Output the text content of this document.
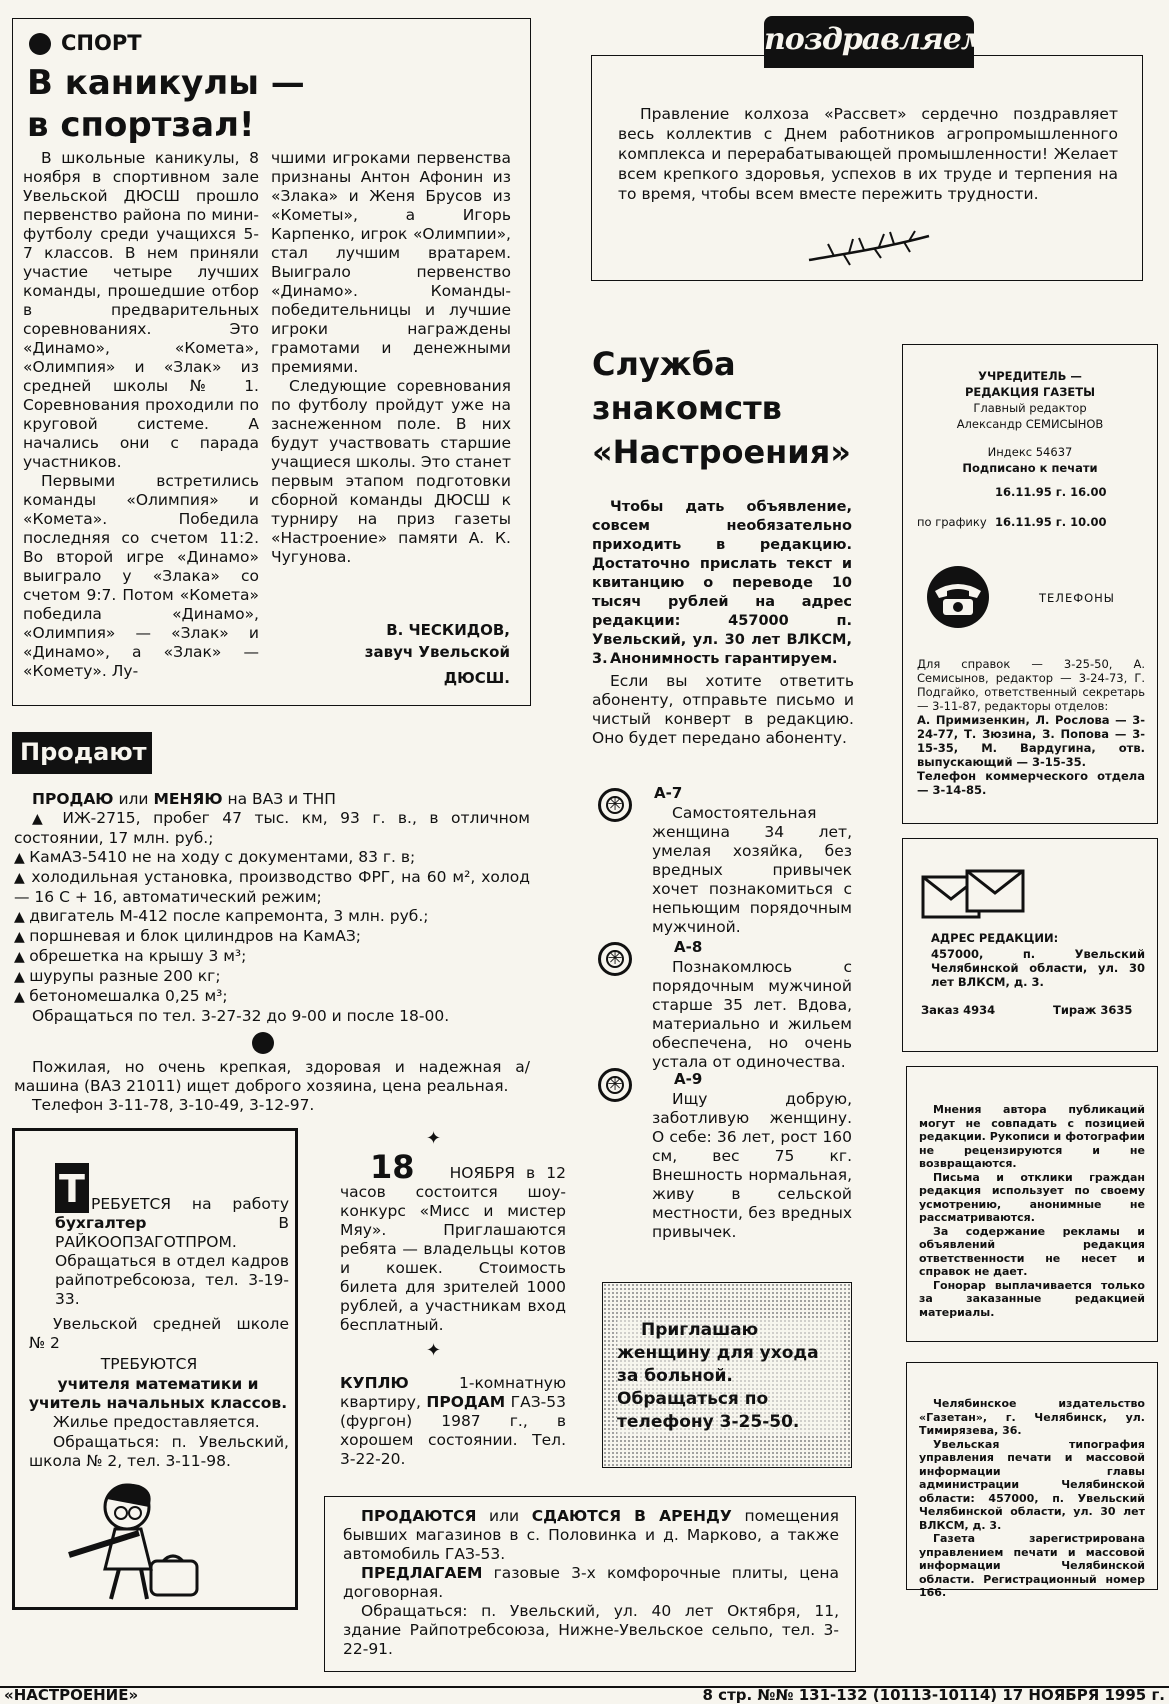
СПОРТ
В каникулы —
в спортзал!

В школьные каникулы, 8 ноября в спортивном зале Увельской ДЮСШ прошло первенство района по мини-футболу среди учащихся 5-7 классов. В нем приняли участие четыре лучших команды, прошедшие отбор в предварительных соревнованиях. Это «Динамо», «Комета», «Олимпия» и «Злак» из средней школы № 1. Соревнования проходили по круговой системе. А начались они с парада участников.

Первыми встретились команды «Олимпия» и «Комета». Победила последняя со счетом 11:2. Во второй игре «Динамо» выиграло у «Злака» со счетом 9:7. Потом «Комета» победила «Динамо», «Олимпия» — «Злак» и «Динамо», а «Злак» — «Комету». Лу-

чшими игроками первенства признаны Антон Афонин из «Злака» и Женя Брусов из «Кометы», а Игорь Карпенко, игрок «Олимпии», стал лучшим вратарем. Выиграло первенство «Динамо». Команды-победительницы и лучшие игроки награждены грамотами и денежными премиями.

Следующие соревнования по футболу пройдут уже на заснеженном поле. В них будут участвовать старшие учащиеся школы. Это станет первым этапом подготовки сборной команды ДЮСШ к турниру на приз газеты «Настроение» памяти А. К. Чугунова.

В. ЧЕСКИДОВ,
завуч Увельской
ДЮСШ.
поздравляем
Правление колхоза «Рассвет» сердечно поздравляет весь коллектив с Днем работников агропромышленного комплекса и перерабатывающей промышленности! Желает всем крепкого здоровья, успехов в их труде и терпения на то время, чтобы всем вместе пережить трудности.
Служба
знакомств
«Настроения»
Чтобы дать объявление, совсем необязательно приходить в редакцию. Достаточно прислать текст и квитанцию о переводе 10 тысяч рублей на адрес редакции: 457000 п. Увельский, ул. 30 лет ВЛКСМ, 3. Анонимность гарантируем.
Если вы хотите ответить абоненту, отправьте письмо и чистый конверт в редакцию. Оно будет передано абоненту.
✳
А-7
Самостоятельная женщина 34 лет, умелая хозяйка, без вредных привычек хочет познакомиться с непьющим порядочным мужчиной.
✳
А-8
Познакомлюсь с порядочным мужчиной старше 35 лет. Вдова, материально и жильем обеспечена, но очень устала от одиночества.
✳
А-9
Ищу добрую, заботливую женщину. О себе: 36 лет, рост 160 см, вес 75 кг. Внешность нормальная, живу в сельской местности, без вредных привычек.
Продают

ПРОДАЮ или МЕНЯЮ на ВАЗ и ТНП

▲ ИЖ-2715, пробег 47 тыс. км, 93 г. в., в отличном состоянии, 17 млн. руб.;
▲ КамАЗ-5410 не на ходу с документами, 83 г. в;
▲ холодильная установка, производство ФРГ, на 60 м², холод — 16 С + 16, автоматический режим;
▲ двигатель М-412 после капремонта, 3 млн. руб.;
▲ поршневая и блок цилиндров на КамАЗ;
▲ обрешетка на крышу 3 м³;
▲ шурупы разные 200 кг;
▲ бетономешалка 0,25 м³;

Обращаться по тел. 3-27-32 до 9-00 и после 18-00.

Пожилая, но очень крепкая, здоровая и надежная а/машина (ВАЗ 21011) ищет доброго хозяина, цена реальная.

Телефон 3-11-78, 3-10-49, 3-12-97.

Т РЕБУЕТСЯ на работу бухгалтер В РАЙКООПЗАГОТПРОМ. Обращаться в отдел кадров райпотребсоюза, тел. 3-19-33.
Увельской средней школе № 2
ТРЕБУЮТСЯ
учителя математики и учитель начальных классов.
Жилье предоставляется.
Обращаться: п. Увельский, школа № 2, тел. 3-11-98.
✦
18 НОЯБРЯ в 12 часов состоится шоу-конкурс «Мисс и мистер Мяу». Приглашаются ребята — владельцы котов и кошек. Стоимость билета для зрителей 1000 рублей, а участникам вход бесплатный.
✦
КУПЛЮ 1-комнатную квартиру, ПРОДАМ ГАЗ-53 (фургон) 1987 г., в хорошем состоянии. Тел. 3-22-20.
Приглашаю женщину для ухода за больной. Обращаться по телефону 3-25-50.

ПРОДАЮТСЯ или СДАЮТСЯ В АРЕНДУ помещения бывших магазинов в с. Половинка и д. Марково, а также автомобиль ГАЗ-53.

ПРЕДЛАГАЕМ газовые 3-х комфорочные плиты, цена договорная.

Обращаться: п. Увельский, ул. 40 лет Октября, 11, здание Райпотребсоюза, Нижне-Увельское сельпо, тел. 3-22-91.

УЧРЕДИТЕЛЬ —
РЕДАКЦИЯ ГАЗЕТЫ
Главный редактор
Александр СЕМИСЫНОВ
Индекс 54637
Подписано к печати
16.11.95 г. 16.00
по графику 16.11.95 г. 10.00
ТЕЛЕФОНЫ
Для справок — 3-25-50, А. Семисынов, редактор — 3-24-73, Г. Подгайко, ответственный секретарь — 3-11-87, редакторы отделов:
А. Примизенкин, Л. Рослова — 3-24-77, Т. Зюзина, З. Попова — 3-15-35, М. Вардугина, отв. выпускающий — 3-15-35.
Телефон коммерческого отдела — 3-14-85.
АДРЕС РЕДАКЦИИ:
457000, п. Увельский Челябинской области, ул. 30 лет ВЛКСМ, д. 3.
Заказ 4934	Тираж 3635

Мнения автора публикаций могут не совпадать с позицией редакции. Рукописи и фотографии не рецензируются и не возвращаются.

Письма и отклики граждан редакция использует по своему усмотрению, анонимные не рассматриваются.

За содержание рекламы и объявлений редакция ответственности не несет и справок не дает.

Гонорар выплачивается только за заказанные редакцией материалы.

Челябинское издательство «Газетан», г. Челябинск, ул. Тимирязева, 36.

Увельская типография управления печати и массовой информации главы администрации Челябинской области: 457000, п. Увельский Челябинской области, ул. 30 лет ВЛКСМ, д. 3.

Газета зарегистрирована управлением печати и массовой информации Челябинской области. Регистрационный номер 166.

«НАСТРОЕНИЕ»	8 стр. №№ 131-132 (10113-10114) 17 НОЯБРЯ 1995 г.
